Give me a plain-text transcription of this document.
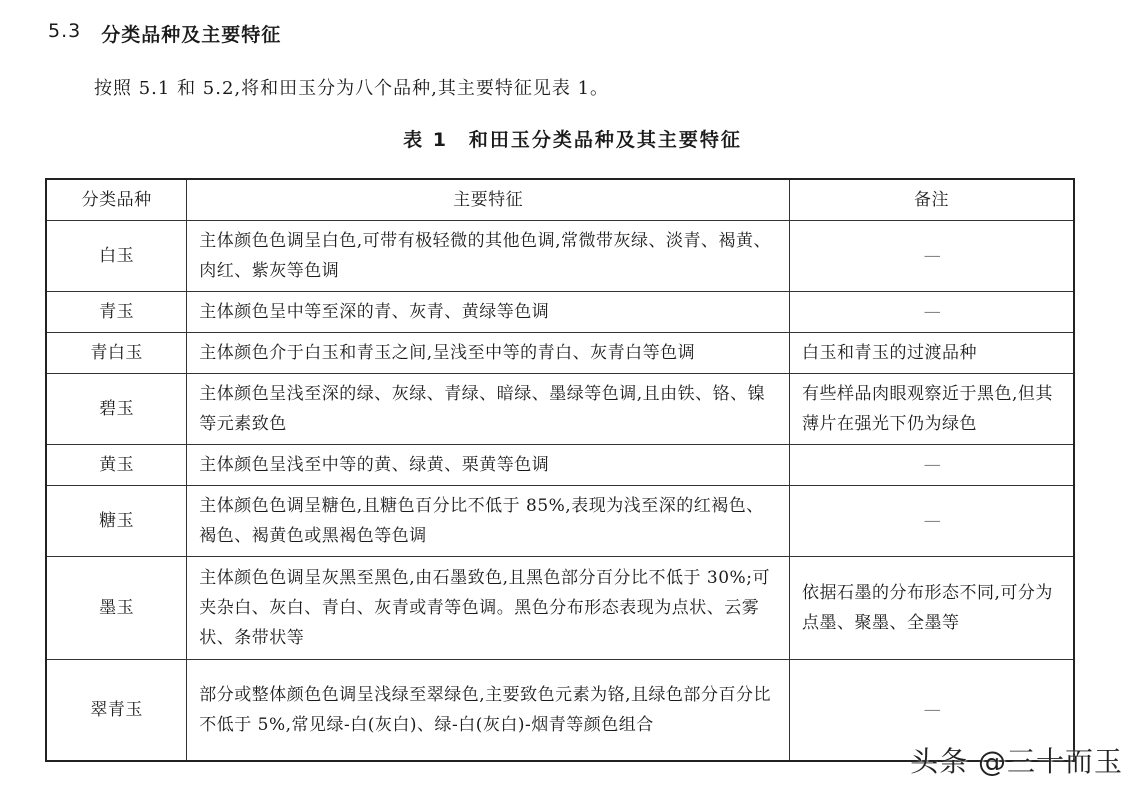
5.3 分类品种及主要特征
按照 5.1 和 5.2,将和田玉分为八个品种,其主要特征见表 1。
表 1　和田玉分类品种及其主要特征
分类品种	主要特征	备注
白玉	主体颜色色调呈白色,可带有极轻微的其他色调,常微带灰绿、淡青、褐黄、肉红、紫灰等色调	—
青玉	主体颜色呈中等至深的青、灰青、黄绿等色调	—
青白玉	主体颜色介于白玉和青玉之间,呈浅至中等的青白、灰青白等色调	白玉和青玉的过渡品种
碧玉	主体颜色呈浅至深的绿、灰绿、青绿、暗绿、墨绿等色调,且由铁、铬、镍等元素致色	有些样品肉眼观察近于黑色,但其薄片在强光下仍为绿色
黄玉	主体颜色呈浅至中等的黄、绿黄、栗黄等色调	—
糖玉	主体颜色色调呈糖色,且糖色百分比不低于 85%,表现为浅至深的红褐色、褐色、褐黄色或黑褐色等色调	—
墨玉	主体颜色色调呈灰黑至黑色,由石墨致色,且黑色部分百分比不低于 30%;可夹杂白、灰白、青白、灰青或青等色调。黑色分布形态表现为点状、云雾状、条带状等	依据石墨的分布形态不同,可分为点墨、聚墨、全墨等
翠青玉	部分或整体颜色色调呈浅绿至翠绿色,主要致色元素为铬,且绿色部分百分比不低于 5%,常见绿-白(灰白)、绿-白(灰白)-烟青等颜色组合	—
头条 @三十而玉
